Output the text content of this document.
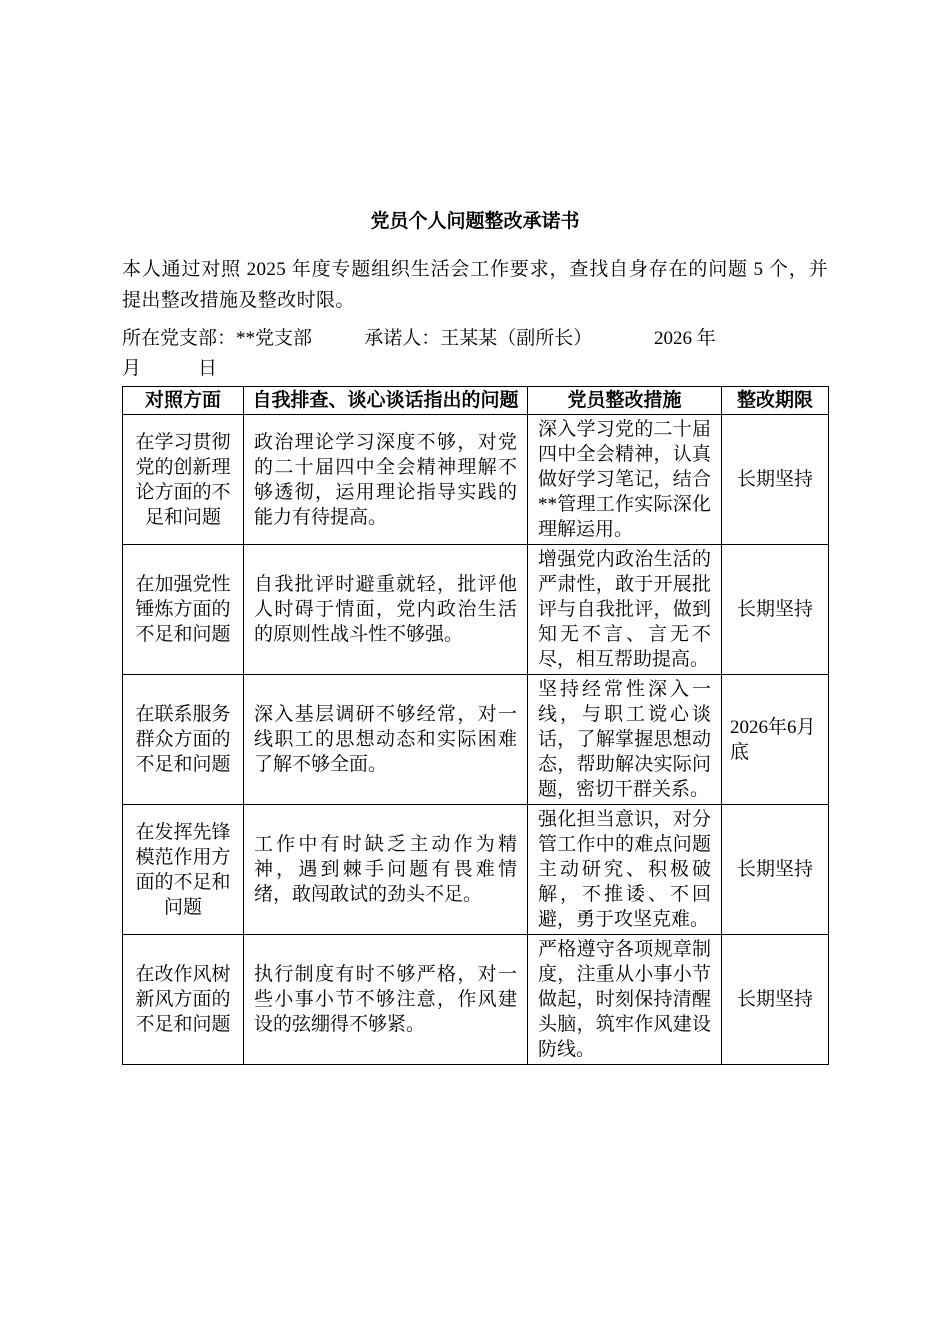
党员个人问题整改承诺书

本人通过对照 2025 年度专题组织生活会工作要求，查找自身存在的问题 5 个，并提出整改措施及整改时限。

所在党支部：**党支部           承诺人：王某某（副所长）             2026 年

月            日

对照方面	自我排查、谈心谈话指出的问题	党员整改措施	整改期限
在学习贯彻党的创新理论方面的不足和问题	政治理论学习深度不够，对党的二十届四中全会精神理解不够透彻，运用理论指导实践的能力有待提高。	深入学习党的二十届四中全会精神，认真做好学习笔记，结合**管理工作实际深化理解运用。	长期坚持
在加强党性锤炼方面的不足和问题	自我批评时避重就轻，批评他人时碍于情面，党内政治生活的原则性战斗性不够强。	增强党内政治生活的严肃性，敢于开展批评与自我批评，做到知无不言、言无不尽，相互帮助提高。	长期坚持
在联系服务群众方面的不足和问题	深入基层调研不够经常，对一线职工的思想动态和实际困难了解不够全面。	坚持经常性深入一线，与职工谠心谈话，了解掌握思想动态，帮助解决实际问题，密切干群关系。	2026年6月底
在发挥先锋模范作用方面的不足和问题	工作中有时缺乏主动作为精神，遇到棘手问题有畏难情绪，敢闯敢试的劲头不足。	强化担当意识，对分管工作中的难点问题主动研究、积极破解，不推诿、不回避，勇于攻坚克难。	长期坚持
在改作风树新风方面的不足和问题	执行制度有时不够严格，对一些小事小节不够注意，作风建设的弦绷得不够紧。	严格遵守各项规章制度，注重从小事小节做起，时刻保持清醒头脑，筑牢作风建设防线。	长期坚持
